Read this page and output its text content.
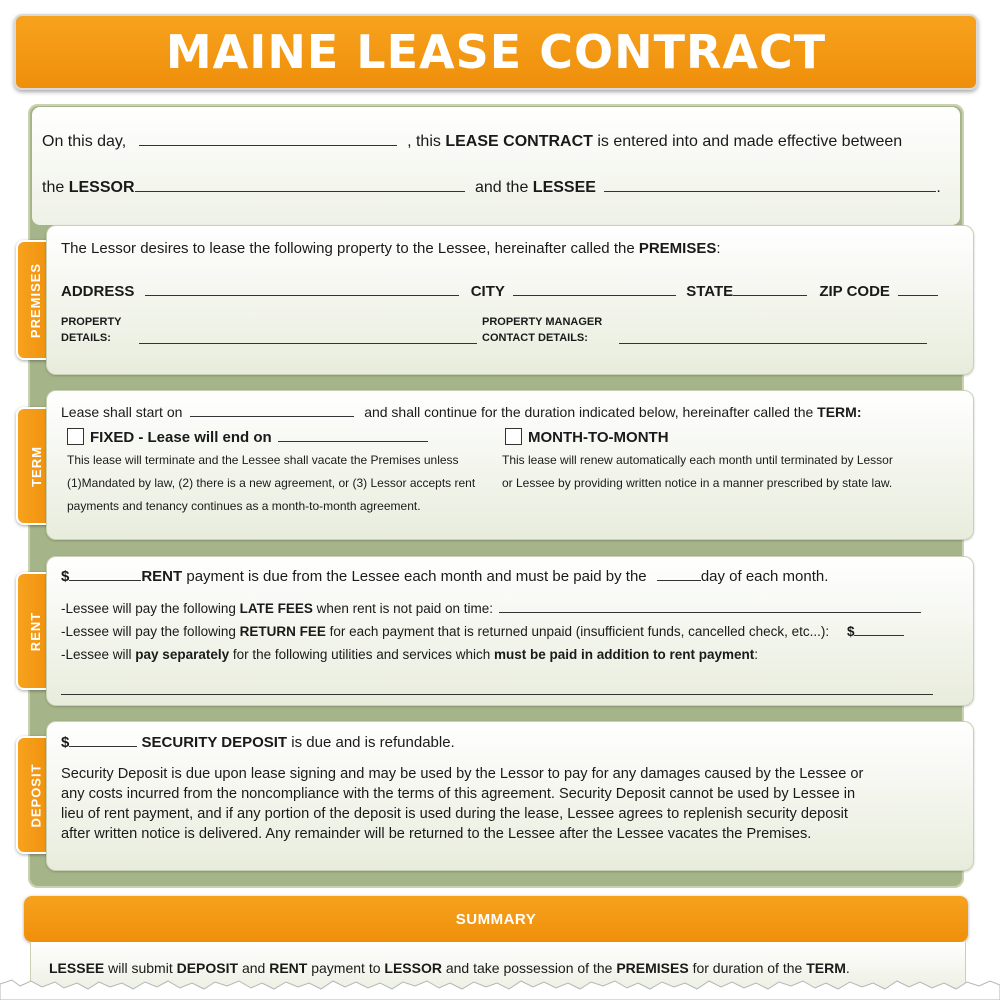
MAINE LEASE CONTRACT
On this day,	, this LEASE CONTRACT is entered into and made effective between
the LESSOR	and the LESSEE	.
PREMISES
The Lessor desires to lease the following property to the Lessee, hereinafter called the PREMISES:
ADDRESS	CITY	STATE	ZIP CODE
PROPERTY
DETAILS:
PROPERTY MANAGER
CONTACT DETAILS:
TERM
Lease shall start on	and shall continue for the duration indicated below, hereinafter called the TERM:
FIXED - Lease will end on
This lease will terminate and the Lessee shall vacate the Premises unless
(1)Mandated by law, (2) there is a new agreement, or (3) Lessor accepts rent
payments and tenancy continues as a month-to-month agreement.
MONTH-TO-MONTH
This lease will renew automatically each month until terminated by Lessor
or Lessee by providing written notice in a manner prescribed by state law.
RENT
$	RENT payment is due from the Lessee each month and must be paid by the	day of each month.
-Lessee will pay the following LATE FEES when rent is not paid on time:
-Lessee will pay the following RETURN FEE for each payment that is returned unpaid (insufficient funds, cancelled check, etc...): $
-Lessee will pay separately for the following utilities and services which must be paid in addition to rent payment:
DEPOSIT
$	SECURITY DEPOSIT is due and is refundable.
Security Deposit is due upon lease signing and may be used by the Lessor to pay for any damages caused by the Lessee or
any costs incurred from the noncompliance with the terms of this agreement. Security Deposit cannot be used by Lessee in
lieu of rent payment, and if any portion of the deposit is used during the lease, Lessee agrees to replenish security deposit
after written notice is delivered. Any remainder will be returned to the Lessee after the Lessee vacates the Premises.
SUMMARY
LESSEE will submit DEPOSIT and RENT payment to LESSOR and take possession of the PREMISES for duration of the TERM.
